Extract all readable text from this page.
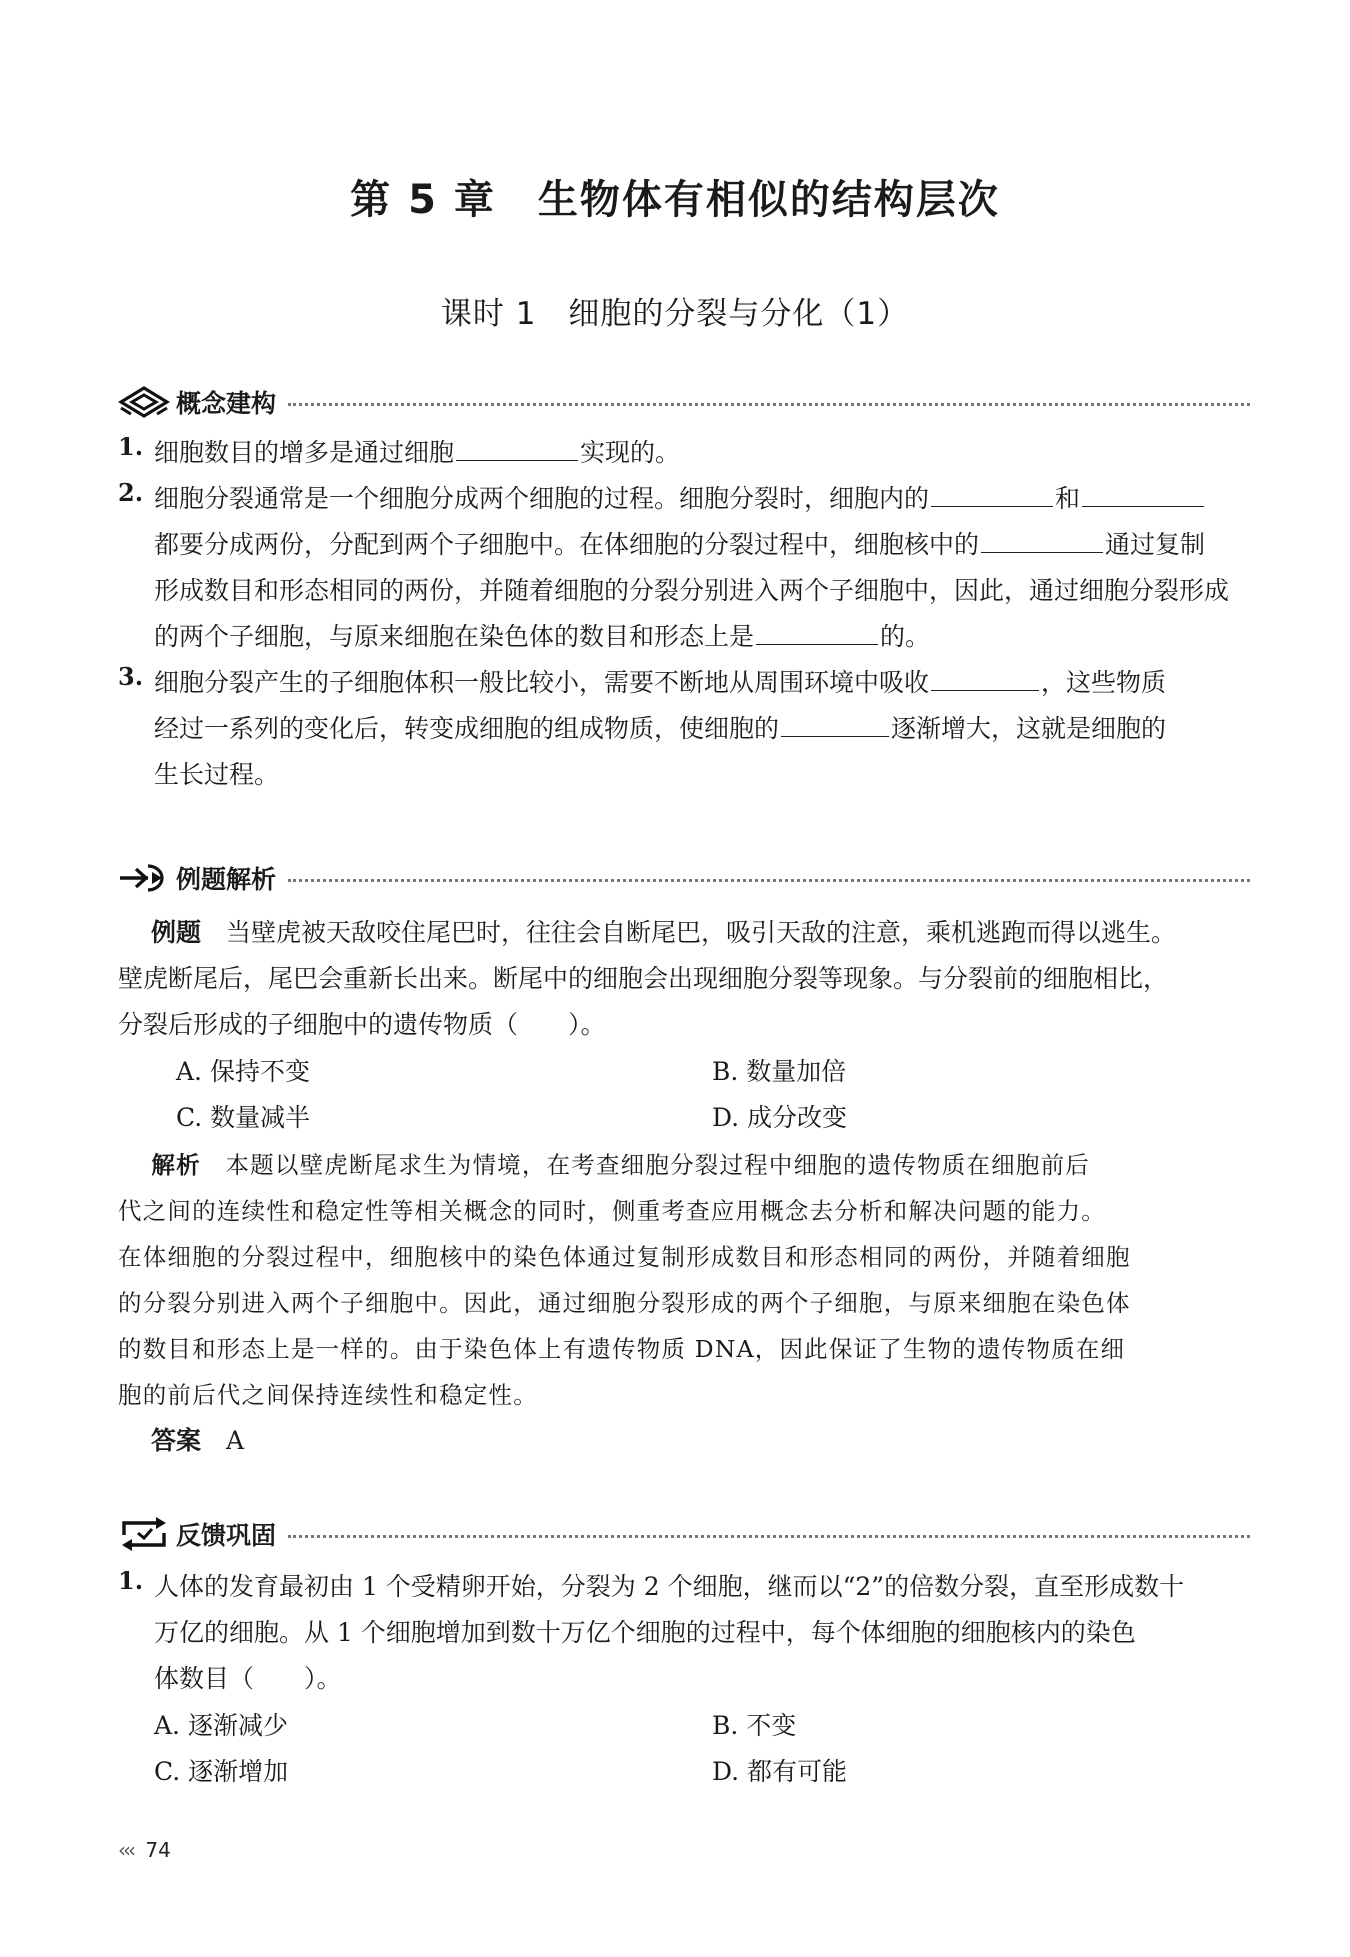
第 5 章　生物体有相似的结构层次
课时 1　细胞的分裂与分化（1）
概念建构
1. 细胞数目的增多是通过细胞	实现的。
2. 细胞分裂通常是一个细胞分成两个细胞的过程。细胞分裂时，细胞内的	和
都要分成两份，分配到两个子细胞中。在体细胞的分裂过程中，细胞核中的	通过复制
形成数目和形态相同的两份，并随着细胞的分裂分别进入两个子细胞中，因此，通过细胞分裂形成
的两个子细胞，与原来细胞在染色体的数目和形态上是	的。
3. 细胞分裂产生的子细胞体积一般比较小，需要不断地从周围环境中吸收	，这些物质
经过一系列的变化后，转变成细胞的组成物质，使细胞的	逐渐增大，这就是细胞的
生长过程。
例题解析
　 例题　 当壁虎被天敌咬住尾巴时，往往会自断尾巴，吸引天敌的注意，乘机逃跑而得以逃生。
壁虎断尾后，尾巴会重新长出来。断尾中的细胞会出现细胞分裂等现象。与分裂前的细胞相比，
分裂后形成的子细胞中的遗传物质（　　）。
A. 保持不变	B. 数量加倍
C. 数量减半	D. 成分改变
　 解析　 本题以壁虎断尾求生为情境，在考查细胞分裂过程中细胞的遗传物质在细胞前后
代之间的连续性和稳定性等相关概念的同时，侧重考查应用概念去分析和解决问题的能力。
在体细胞的分裂过程中，细胞核中的染色体通过复制形成数目和形态相同的两份，并随着细胞
的分裂分别进入两个子细胞中。因此，通过细胞分裂形成的两个子细胞，与原来细胞在染色体
的数目和形态上是一样的。由于染色体上有遗传物质 DNA，因此保证了生物的遗传物质在细
胞的前后代之间保持连续性和稳定性。
　 答案　 A
反馈巩固
1. 人体的发育最初由 1 个受精卵开始，分裂为 2 个细胞，继而以“2”的倍数分裂，直至形成数十
万亿的细胞。从 1 个细胞增加到数十万亿个细胞的过程中，每个体细胞的细胞核内的染色
体数目（　　）。
A. 逐渐减少	B. 不变
C. 逐渐增加	D. 都有可能
‹‹‹ 74
